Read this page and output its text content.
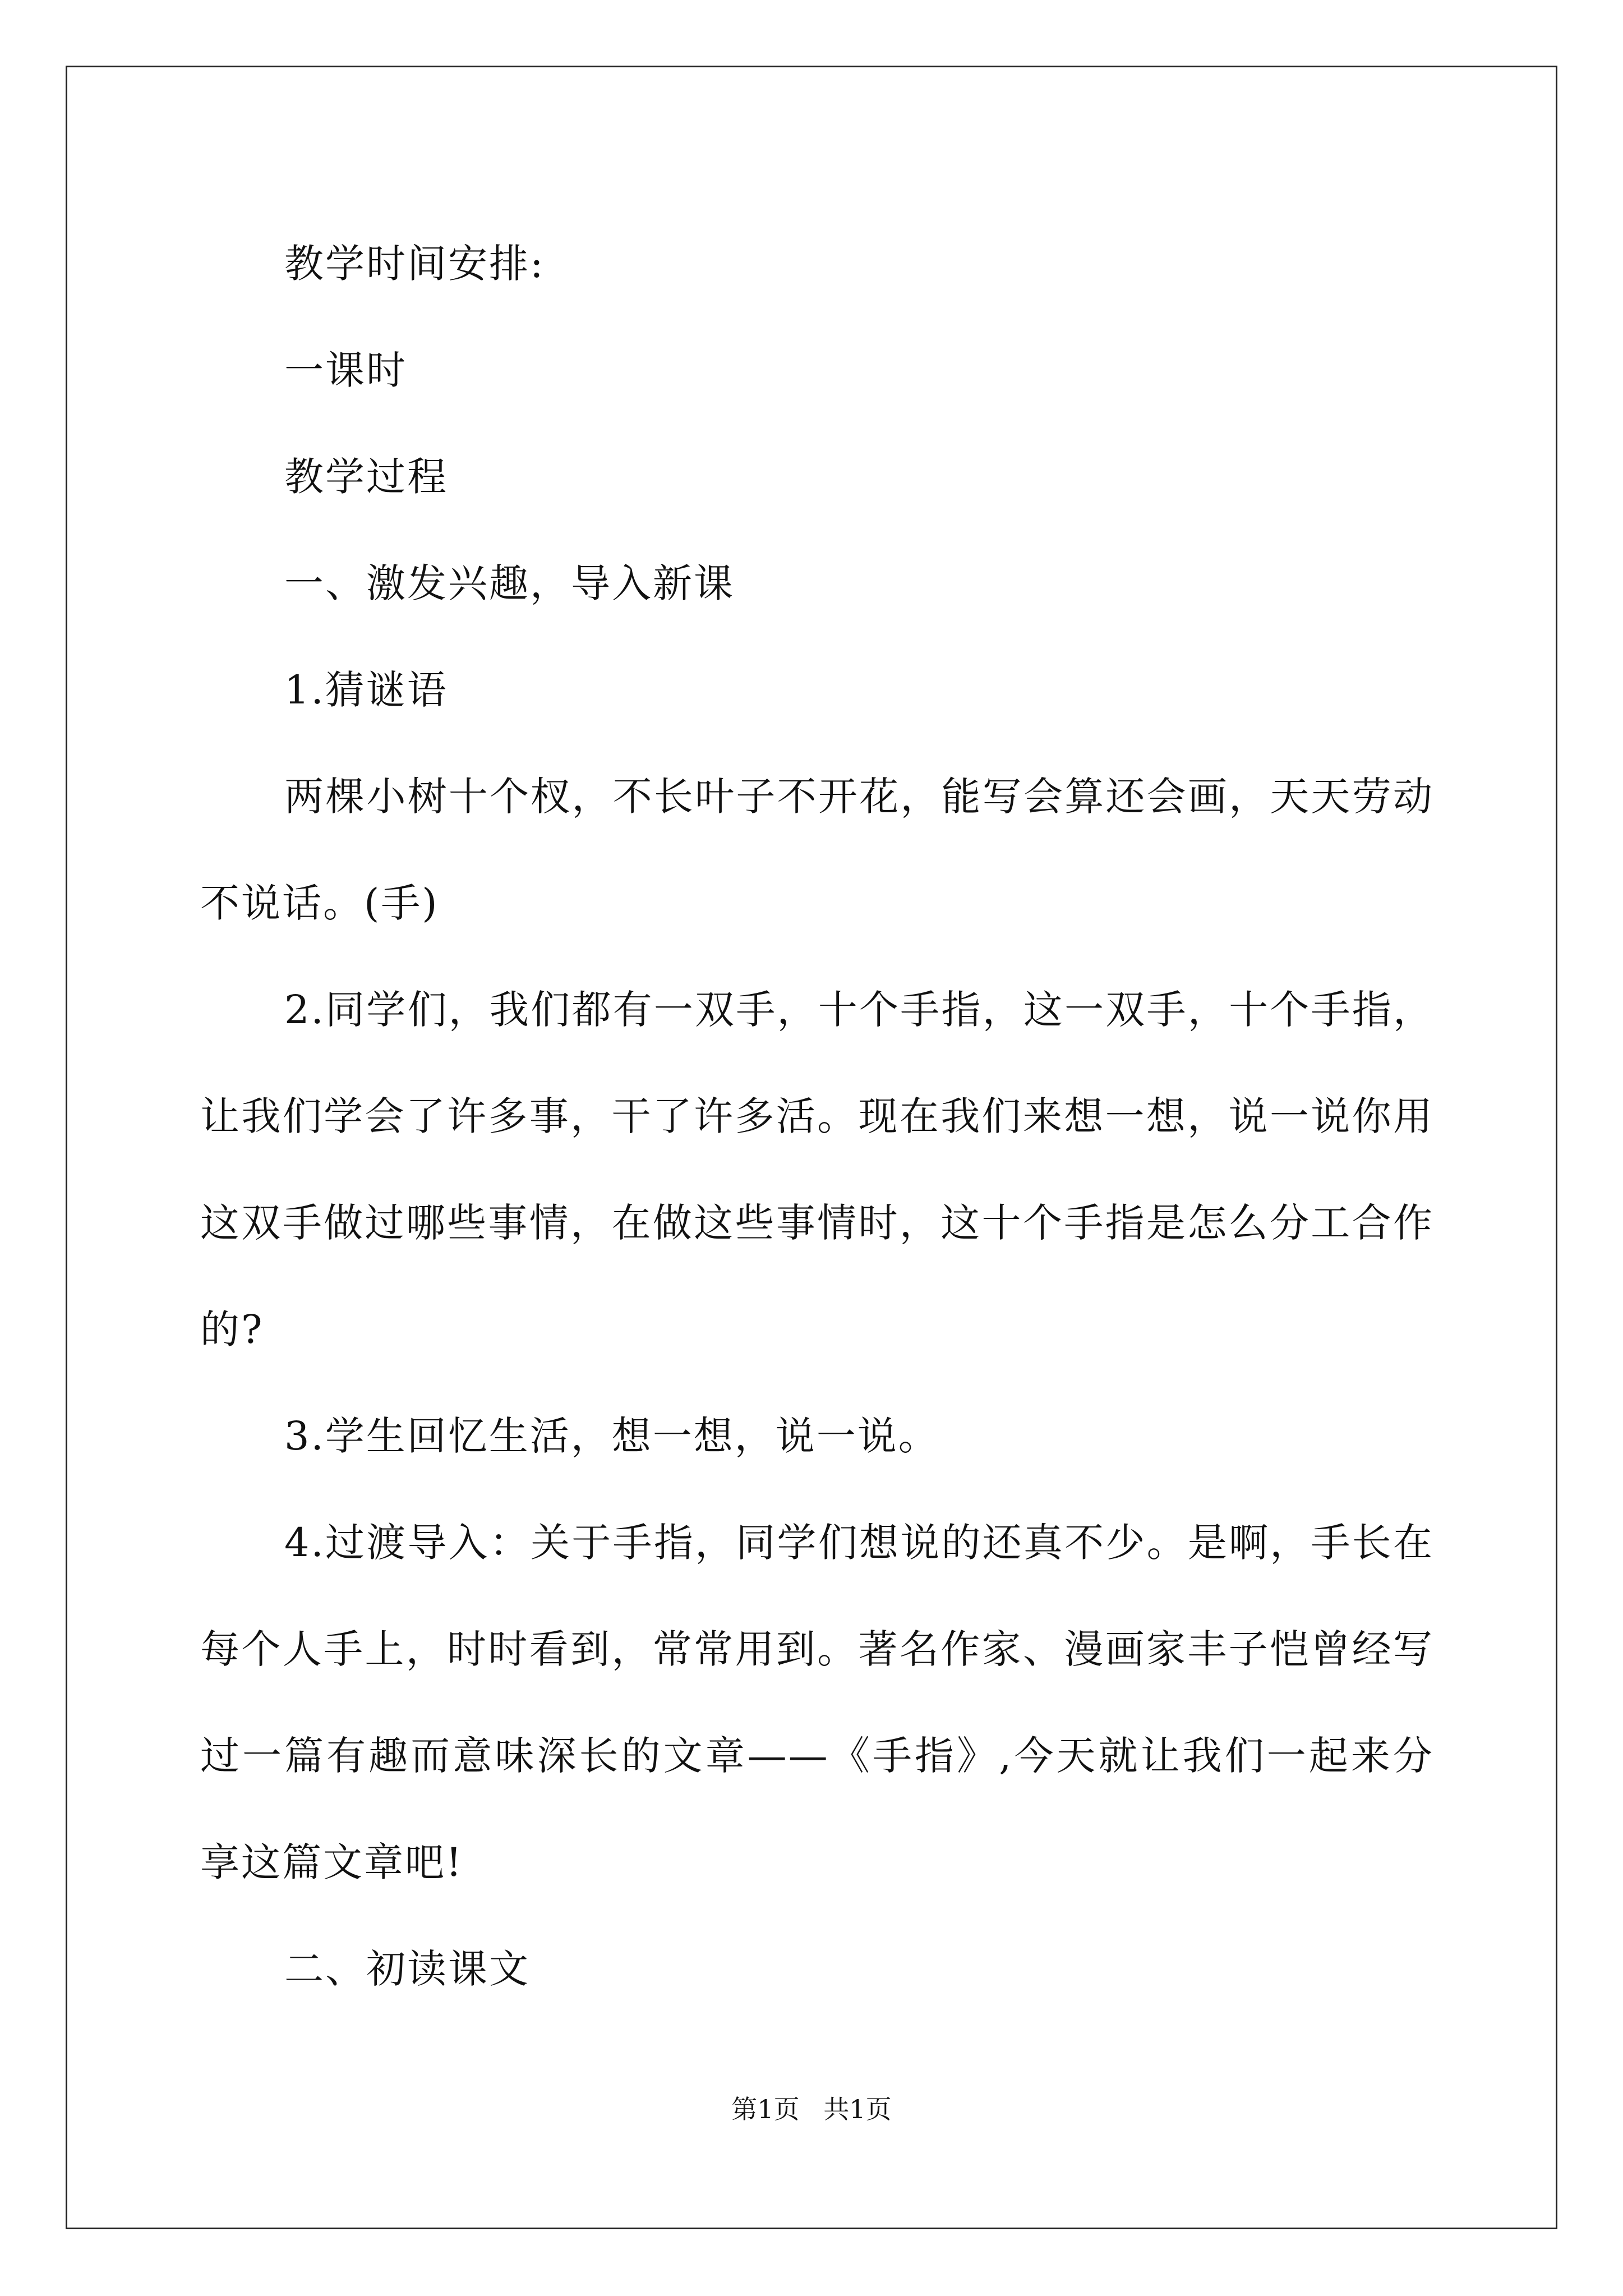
教学时间安排:

一课时

教学过程

一、激发兴趣，导入新课

1.猜谜语

两棵小树十个杈，不长叶子不开花，能写会算还会画，天天劳动不说话。(手)

2.同学们，我们都有一双手，十个手指，这一双手，十个手指，让我们学会了许多事，干了许多活。现在我们来想一想，说一说你用这双手做过哪些事情，在做这些事情时，这十个手指是怎么分工合作的?

3.学生回忆生活，想一想，说一说。

4.过渡导入：关于手指，同学们想说的还真不少。是啊，手长在每个人手上，时时看到，常常用到。著名作家、漫画家丰子恺曾经写过一篇有趣而意味深长的文章——《手指》,今天就让我们一起来分享这篇文章吧!

二、初读课文

第1页 共1页
